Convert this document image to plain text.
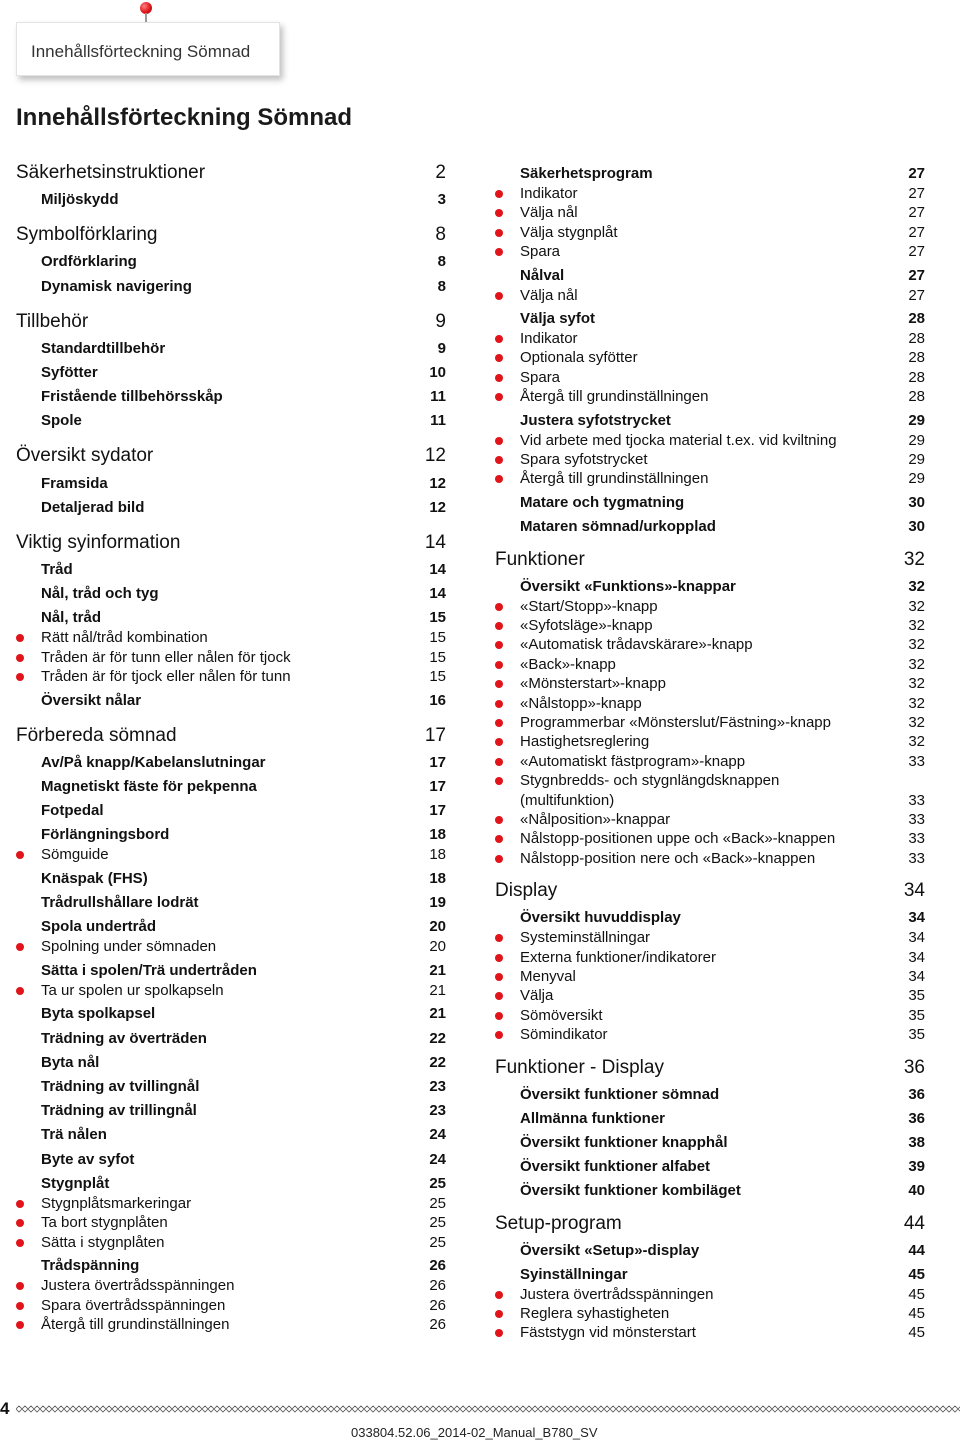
Innehållsförteckning Sömnad
Innehållsförteckning Sömnad
Säkerhetsinstruktioner	2
Miljöskydd	3
Symbolförklaring	8
Ordförklaring	8
Dynamisk navigering	8
Tillbehör	9
Standardtillbehör	9
Syfötter	10
Fristående tillbehörsskåp	11
Spole	11
Översikt sydator	12
Framsida	12
Detaljerad bild	12
Viktig syinformation	14
Tråd	14
Nål, tråd och tyg	14
Nål, tråd	15
Rätt nål/tråd kombination	15
Tråden är för tunn eller nålen för tjock	15
Tråden är för tjock eller nålen för tunn	15
Översikt nålar	16
Förbereda sömnad	17
Av/På knapp/Kabelanslutningar	17
Magnetiskt fäste för pekpenna	17
Fotpedal	17
Förlängningsbord	18
Sömguide	18
Knäspak (FHS)	18
Trådrullshållare lodrät	19
Spola undertråd	20
Spolning under sömnaden	20
Sätta i spolen/Trä undertråden	21
Ta ur spolen ur spolkapseln	21
Byta spolkapsel	21
Trädning av överträden	22
Byta nål	22
Trädning av tvillingnål	23
Trädning av trillingnål	23
Trä nålen	24
Byte av syfot	24
Stygnplåt	25
Stygnplåtsmarkeringar	25
Ta bort stygnplåten	25
Sätta i stygnplåten	25
Trådspänning	26
Justera övertrådsspänningen	26
Spara övertrådsspänningen	26
Återgå till grundinställningen	26
Säkerhetsprogram	27
Indikator	27
Välja nål	27
Välja stygnplåt	27
Spara	27
Nålval	27
Välja nål	27
Välja syfot	28
Indikator	28
Optionala syfötter	28
Spara	28
Återgå till grundinställningen	28
Justera syfotstrycket	29
Vid arbete med tjocka material t.ex. vid kviltning	29
Spara syfotstrycket	29
Återgå till grundinställningen	29
Matare och tygmatning	30
Mataren sömnad/urkopplad	30
Funktioner	32
Översikt «Funktions»-knappar	32
«Start/Stopp»-knapp	32
«Syfotsläge»-knapp	32
«Automatisk trådavskärare»-knapp	32
«Back»-knapp	32
«Mönsterstart»-knapp	32
«Nålstopp»-knapp	32
Programmerbar «Mönsterslut/Fästning»-knapp	32
Hastighetsreglering	32
«Automatiskt fästprogram»-knapp	33
Stygnbredds- och stygnlängdsknappen (multifunktion)	33
«Nålposition»-knappar	33
Nålstopp-positionen uppe och «Back»-knappen	33
Nålstopp-position nere och «Back»-knappen	33
Display	34
Översikt huvuddisplay	34
Systeminställningar	34
Externa funktioner/indikatorer	34
Menyval	34
Välja	35
Sömöversikt	35
Sömindikator	35
Funktioner - Display	36
Översikt funktioner sömnad	36
Allmänna funktioner	36
Översikt funktioner knapphål	38
Översikt funktioner alfabet	39
Översikt funktioner kombiläget	40
Setup-program	44
Översikt «Setup»-display	44
Syinställningar	45
Justera övertrådsspänningen	45
Reglera syhastigheten	45
Fäststygn vid mönsterstart	45
4
033804.52.06_2014-02_Manual_B780_SV
